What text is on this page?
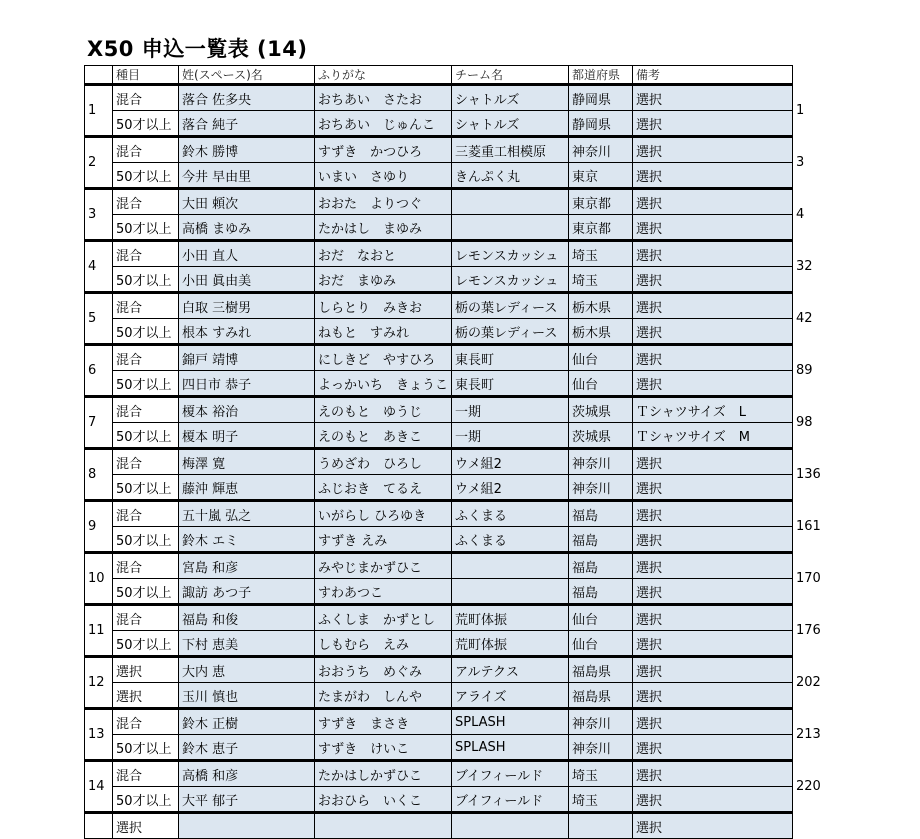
X50 申込一覧表 (14)
	種目	姓(スペース)名	ふりがな	チーム名	都道府県	備考	
1	混合	落合 佐多央	おちあい　さたお	シャトルズ	静岡県	選択	1
	50才以上	落合 純子	おちあい　じゅんこ	シャトルズ	静岡県	選択	
2	混合	鈴木 勝博	すずき　かつひろ	三菱重工相模原	神奈川	選択	3
	50才以上	今井 早由里	いまい　さゆり	きんぷく丸	東京	選択	
3	混合	大田 頼次	おおた　よりつぐ		東京都	選択	4
	50才以上	高橋 まゆみ	たかはし　まゆみ		東京都	選択	
4	混合	小田 直人	おだ　なおと	レモンスカッシュ	埼玉	選択	32
	50才以上	小田 眞由美	おだ　まゆみ	レモンスカッシュ	埼玉	選択	
5	混合	白取 三樹男	しらとり　みきお	栃の葉レディース	栃木県	選択	42
	50才以上	根本 すみれ	ねもと　すみれ	栃の葉レディース	栃木県	選択	
6	混合	錦戸 靖博	にしきど　やすひろ	東長町	仙台	選択	89
	50才以上	四日市 恭子	よっかいち　きょうこ	東長町	仙台	選択	
7	混合	榎本 裕治	えのもと　ゆうじ	一期	茨城県	Ｔシャツサイズ　L	98
	50才以上	榎本 明子	えのもと　あきこ	一期	茨城県	Ｔシャツサイズ　M	
8	混合	梅澤 寛	うめざわ　ひろし	ウメ組2	神奈川	選択	136
	50才以上	藤沖 輝恵	ふじおき　てるえ	ウメ組2	神奈川	選択	
9	混合	五十嵐 弘之	いがらし ひろゆき	ふくまる	福島	選択	161
	50才以上	鈴木 エミ	すずき えみ	ふくまる	福島	選択	
10	混合	宮島 和彦	みやじまかずひこ		福島	選択	170
	50才以上	諏訪 あつ子	すわあつこ		福島	選択	
11	混合	福島 和俊	ふくしま　かずとし	荒町体振	仙台	選択	176
	50才以上	下村 恵美	しもむら　えみ	荒町体振	仙台	選択	
12	選択	大内 恵	おおうち　めぐみ	アルテクス	福島県	選択	202
	選択	玉川 慎也	たまがわ　しんや	アライズ	福島県	選択	
13	混合	鈴木 正樹	すずき　まさき	SPLASH	神奈川	選択	213
	50才以上	鈴木 恵子	すずき　けいこ	SPLASH	神奈川	選択	
14	混合	高橋 和彦	たかはしかずひこ	ブイフィールド	埼玉	選択	220
	50才以上	大平 郁子	おおひら　いくこ	ブイフィールド	埼玉	選択	
	選択					選択	
